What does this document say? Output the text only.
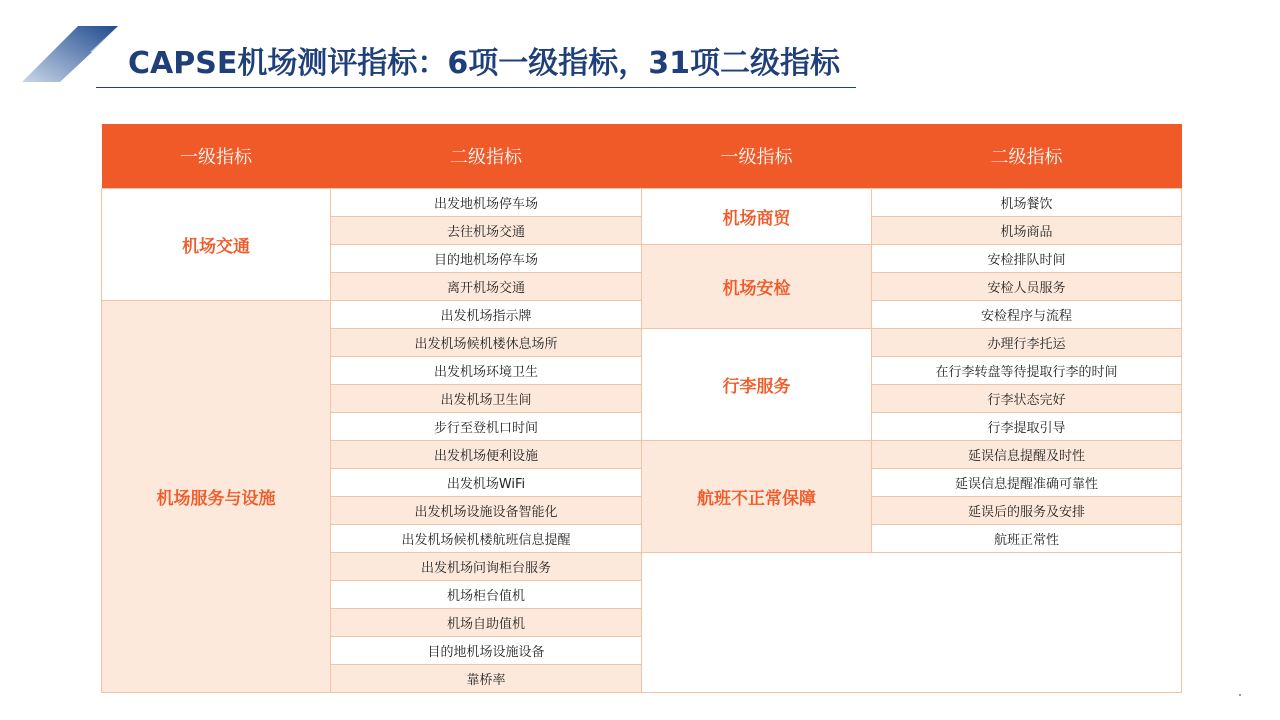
CAPSE机场测评指标：6项一级指标，31项二级指标
一级指标	二级指标	一级指标	二级指标
机场交通	出发地机场停车场	机场商贸	机场餐饮
	去往机场交通		机场商品
	目的地机场停车场	机场安检	安检排队时间
	离开机场交通		安检人员服务
机场服务与设施	出发机场指示牌		安检程序与流程
	出发机场候机楼休息场所	行李服务	办理行李托运
	出发机场环境卫生		在行李转盘等待提取行李的时间
	出发机场卫生间		行李状态完好
	步行至登机口时间		行李提取引导
	出发机场便利设施	航班不正常保障	延误信息提醒及时性
	出发机场WiFi		延误信息提醒准确可靠性
	出发机场设施设备智能化		延误后的服务及安排
	出发机场候机楼航班信息提醒		航班正常性
	出发机场问询柜台服务		
	机场柜台值机		
	机场自助值机		
	目的地机场设施设备		
	靠桥率		
